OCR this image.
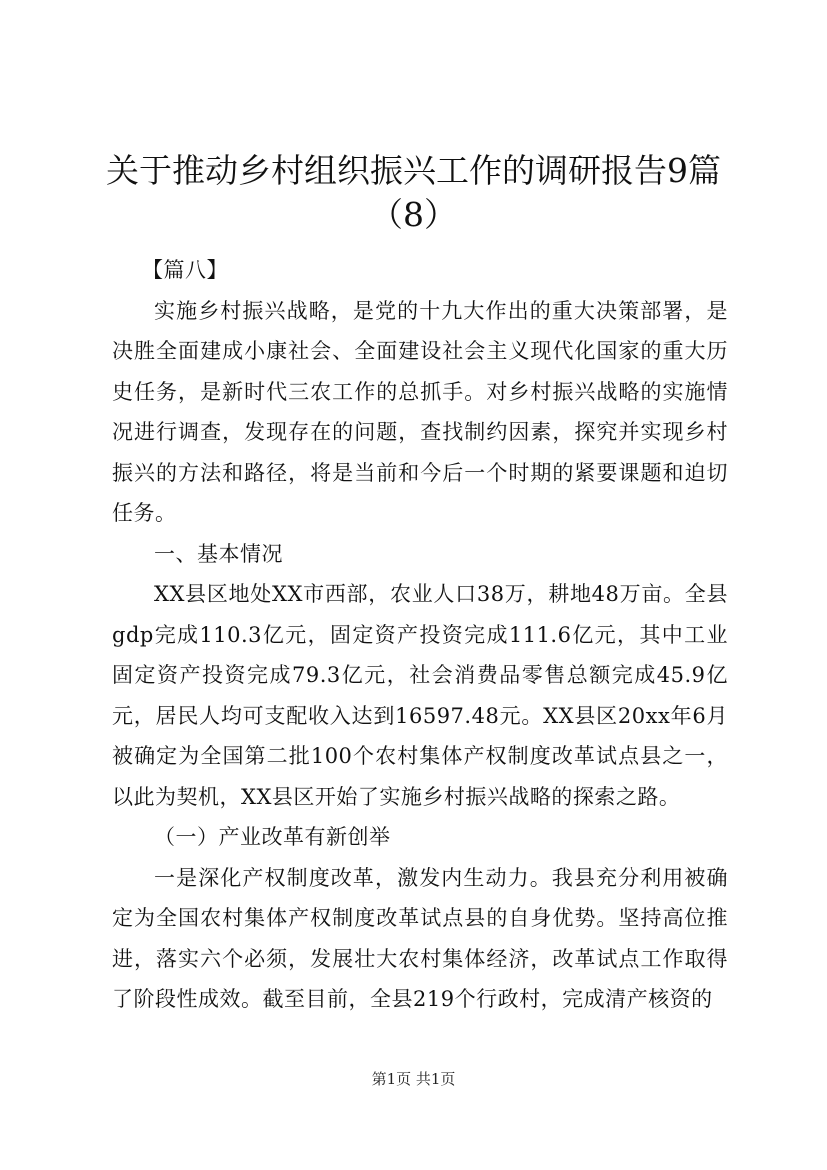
关于推动乡村组织振兴工作的调研报告9篇
（8）

【篇八】

实施乡村振兴战略，是党的十九大作出的重大决策部署，是决胜全面建成小康社会、全面建设社会主义现代化国家的重大历史任务，是新时代三农工作的总抓手。对乡村振兴战略的实施情况进行调查，发现存在的问题，查找制约因素，探究并实现乡村振兴的方法和路径，将是当前和今后一个时期的紧要课题和迫切任务。

一、基本情况

XX县区地处XX市西部，农业人口38万，耕地48万亩。全县gdp完成110.3亿元，固定资产投资完成111.6亿元，其中工业固定资产投资完成79.3亿元，社会消费品零售总额完成45.9亿元，居民人均可支配收入达到16597.48元。XX县区20xx年6月被确定为全国第二批100个农村集体产权制度改革试点县之一，以此为契机，XX县区开始了实施乡村振兴战略的探索之路。

（一）产业改革有新创举

一是深化产权制度改革，激发内生动力。我县充分利用被确定为全国农村集体产权制度改革试点县的自身优势。坚持高位推进，落实六个必须，发展壮大农村集体经济，改革试点工作取得了阶段性成效。截至目前，全县219个行政村，完成清产核资的

第1页 共1页
